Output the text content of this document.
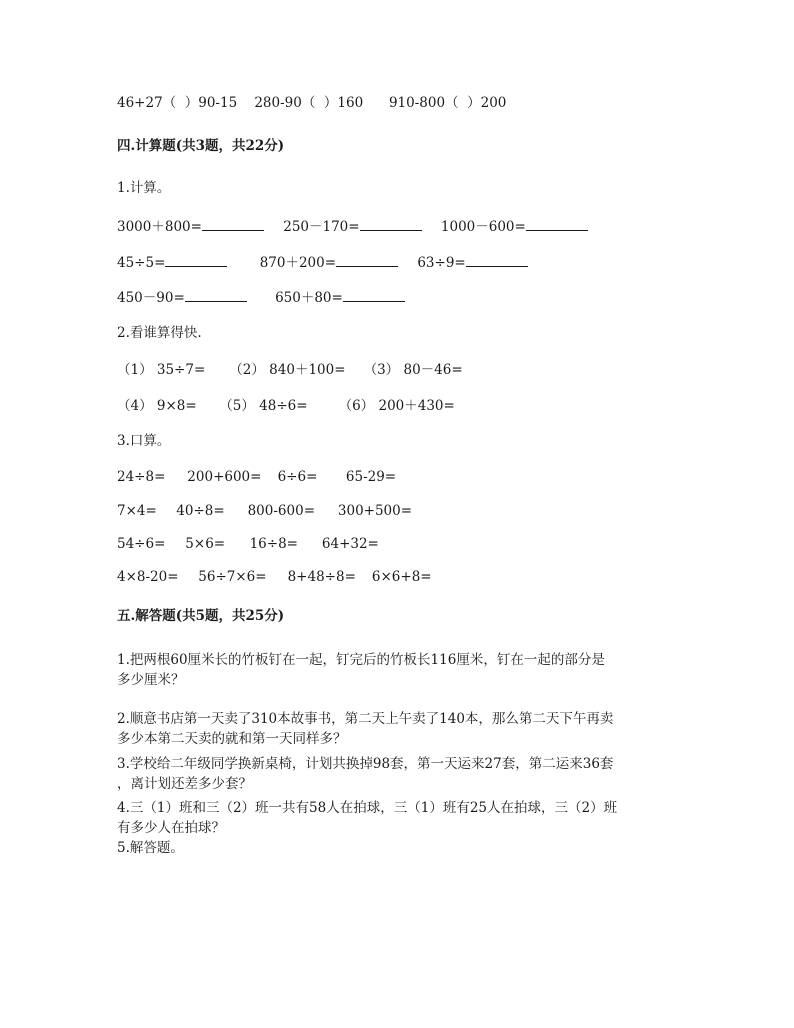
46+27（  ）90-15    280-90（  ）160      910-800（  ）200
四.计算题(共3题，共22分)
1.计算。
3000＋800=	250－170=	1000－600=
45÷5=	870＋200=	63÷9=
450－90=	650＋80=
2.看谁算得快.
（1） 35÷7= （2） 840＋100= （3） 80－46=
（4） 9×8= （5） 48÷6= （6） 200＋430=
3.口算。
24÷8= 200+600= 6÷6= 65-29=
7×4= 40÷8= 800-600= 300+500=
54÷6= 5×6= 16÷8= 64+32=
4×8-20= 56÷7×6= 8+48÷8= 6×6+8=
五.解答题(共5题，共25分)
1.把两根60厘米长的竹板钉在一起，钉完后的竹板长116厘米，钉在一起的部分是
多少厘米？
2.顺意书店第一天卖了310本故事书，第二天上午卖了140本，那么第二天下午再卖
多少本第二天卖的就和第一天同样多？
3.学校给二年级同学换新桌椅，计划共换掉98套，第一天运来27套，第二运来36套
，离计划还差多少套？
4.三（1）班和三（2）班一共有58人在拍球，三（1）班有25人在拍球，三（2）班
有多少人在拍球？
5.解答题。
